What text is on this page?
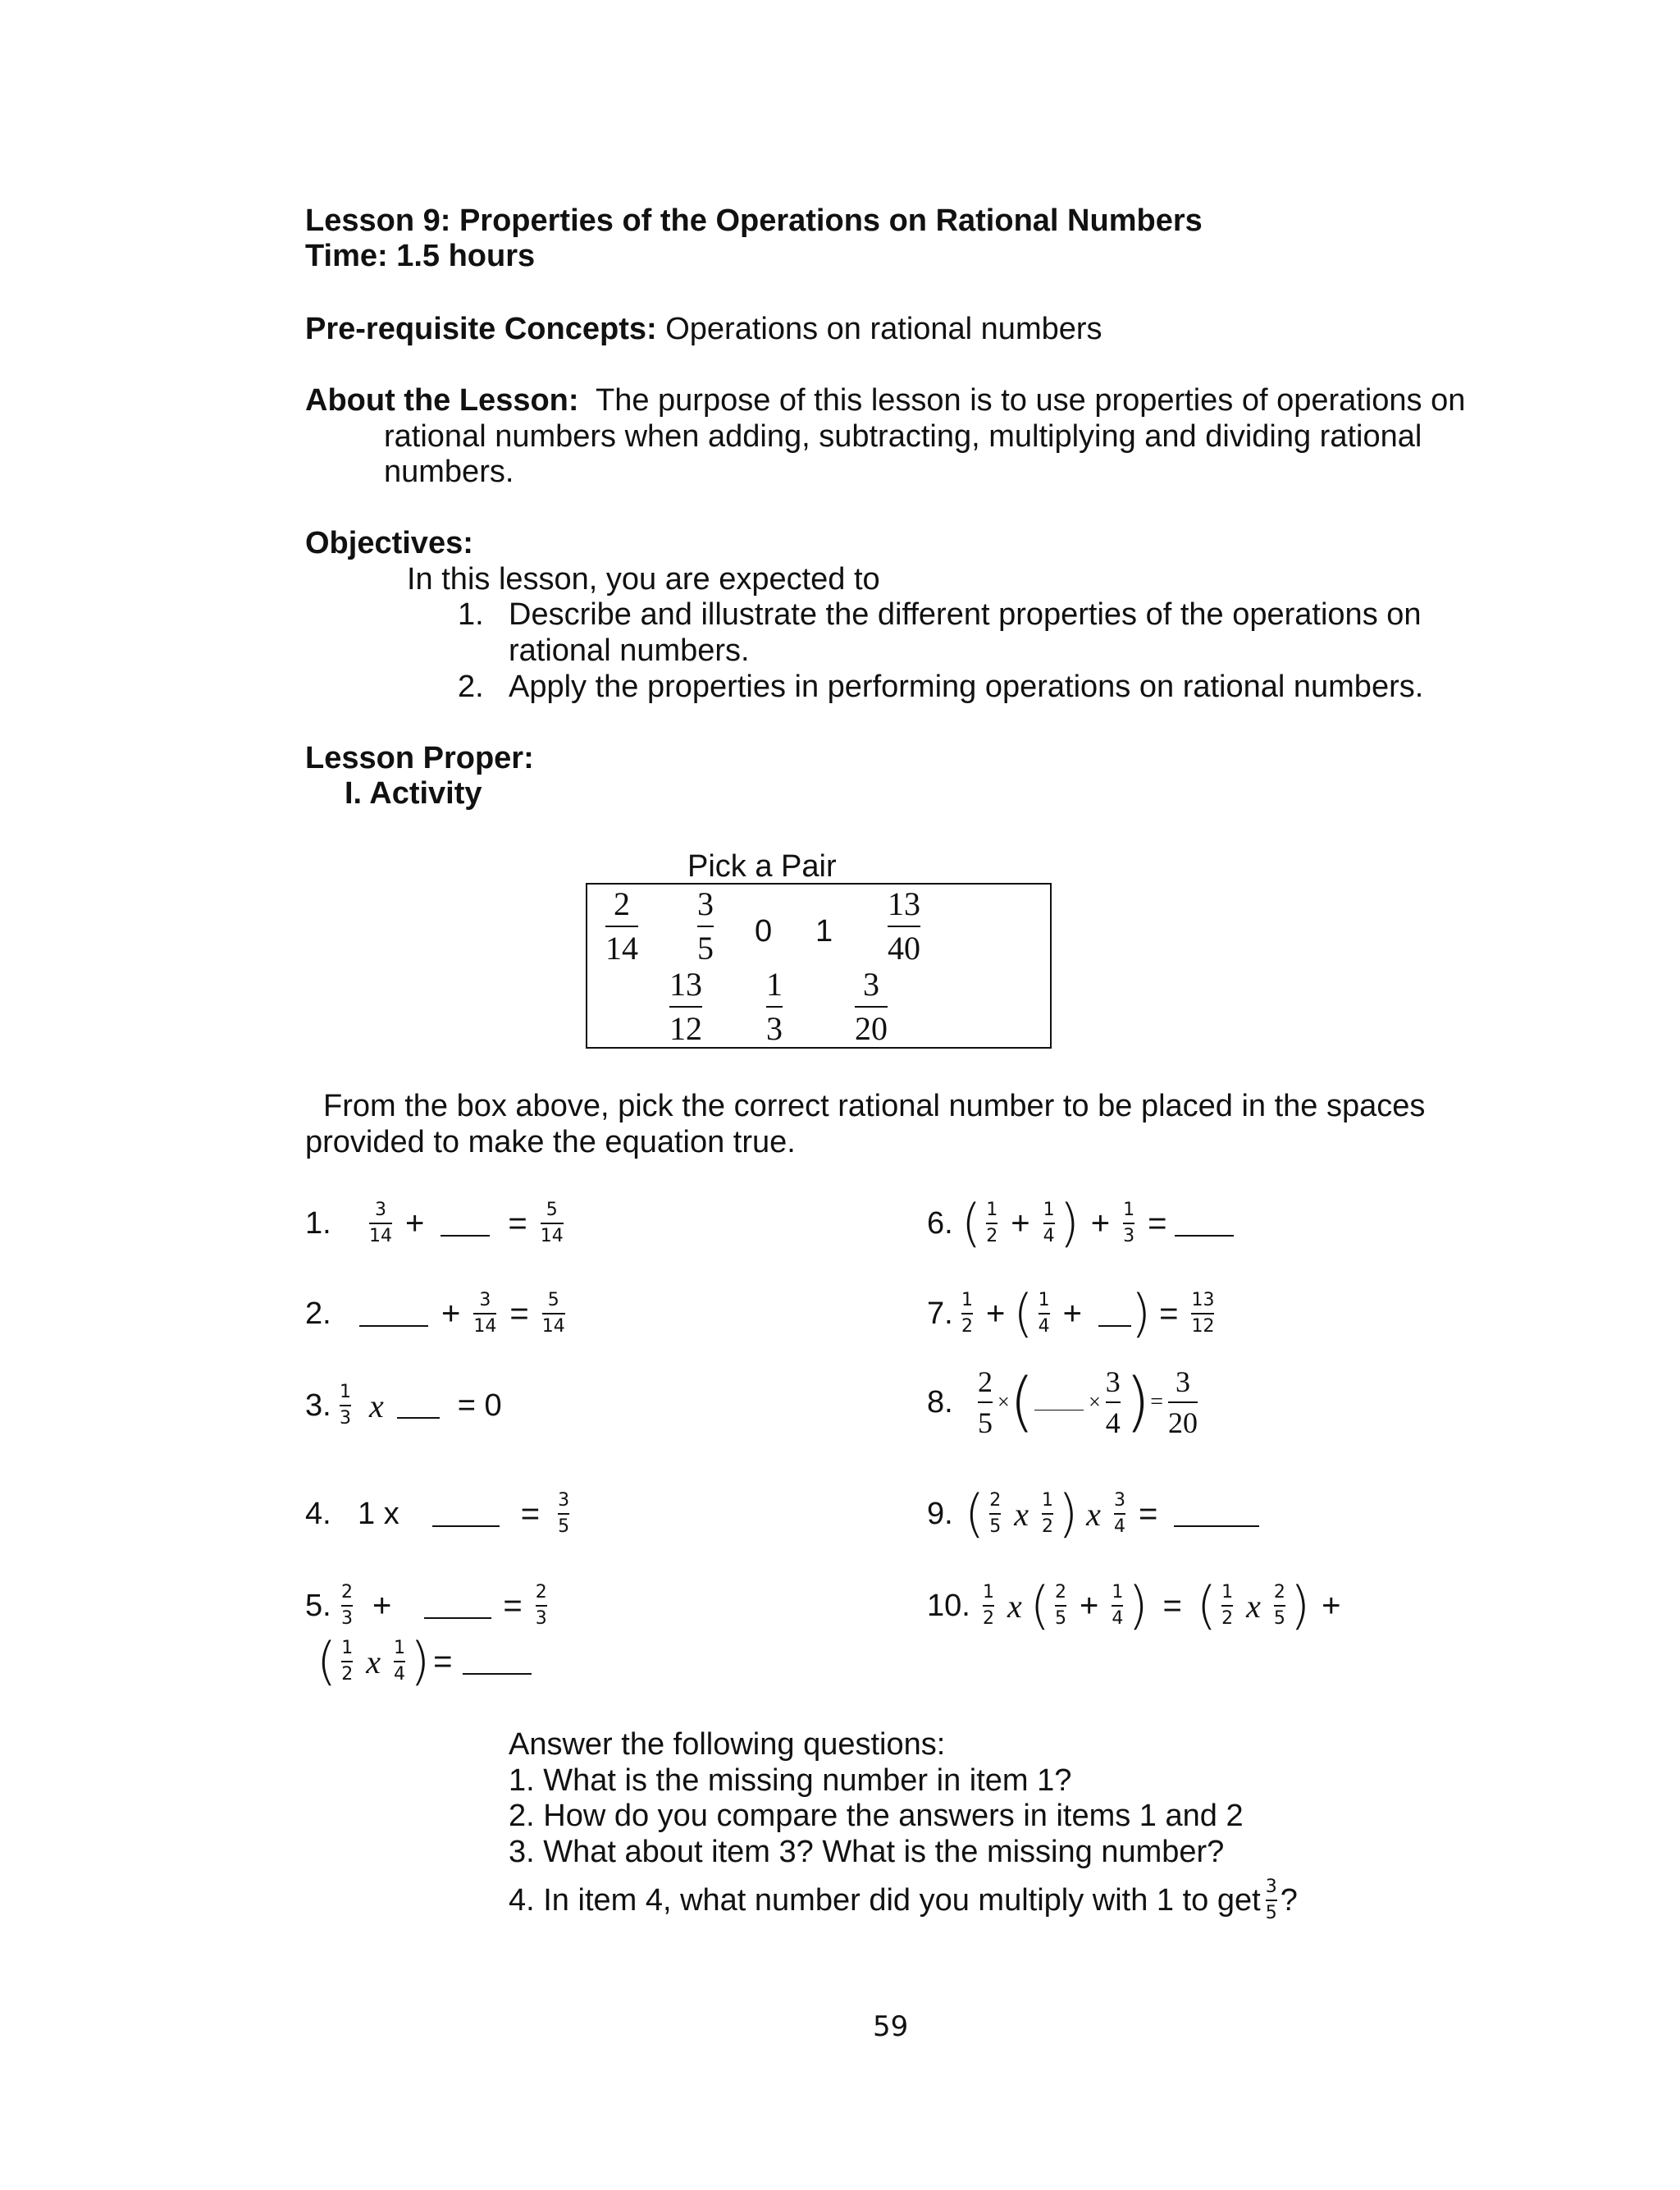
Lesson 9: Properties of the Operations on Rational Numbers
Time: 1.5 hours
Pre-requisite Concepts: Operations on rational numbers
About the Lesson: The purpose of this lesson is to use properties of operations on
rational numbers when adding, subtracting, multiplying and dividing rational
numbers.
Objectives:
In this lesson, you are expected to
1. Describe and illustrate the different properties of the operations on
rational numbers.
2. Apply the properties in performing operations on rational numbers.
Lesson Proper:
I. Activity
Pick a Pair
2
14
3
5 0 1
13
40
13
12
1
3
3
20
From the box above, pick the correct rational number to be placed in the spaces
provided to make the equation true.
1.	$\frac{3}{14}$ +	= $\frac{5}{14}$
2.	+ $\frac{3}{14} = \frac{5}{14}$
3. $\frac{1}{3}$ x = 0
4. 1 x	= $\frac{3}{5}$
5. $\frac{2}{3}$ +	= $\frac{2}{3}$
( $\frac{1}{2}$ x $\frac{1}{4}$ ) =
6. ( $\frac{1}{2} + \frac{1}{4}$ ) + $\frac{1}{3}$ =
7. $\frac{1}{2}$ + ( $\frac{1}{4}$ + ) = $\frac{13}{12}$
8. $\frac{2}{5}$ × (	× $\frac{3}{4}$ ) = $\frac{3}{20}$
9. ( $\frac{2}{5}$ x $\frac{1}{2}$ ) x $\frac{3}{4}$ =
10. $\frac{1}{2}$ x ( $\frac{2}{5} + \frac{1}{4}$ ) = ( $\frac{1}{2}$ x $\frac{2}{5}$ ) +
Answer the following questions:
1. What is the missing number in item 1?
2. How do you compare the answers in items 1 and 2
3. What about item 3? What is the missing number?
4. In item 4, what number did you multiply with 1 to get $\frac{3}{5}$ ?
59
